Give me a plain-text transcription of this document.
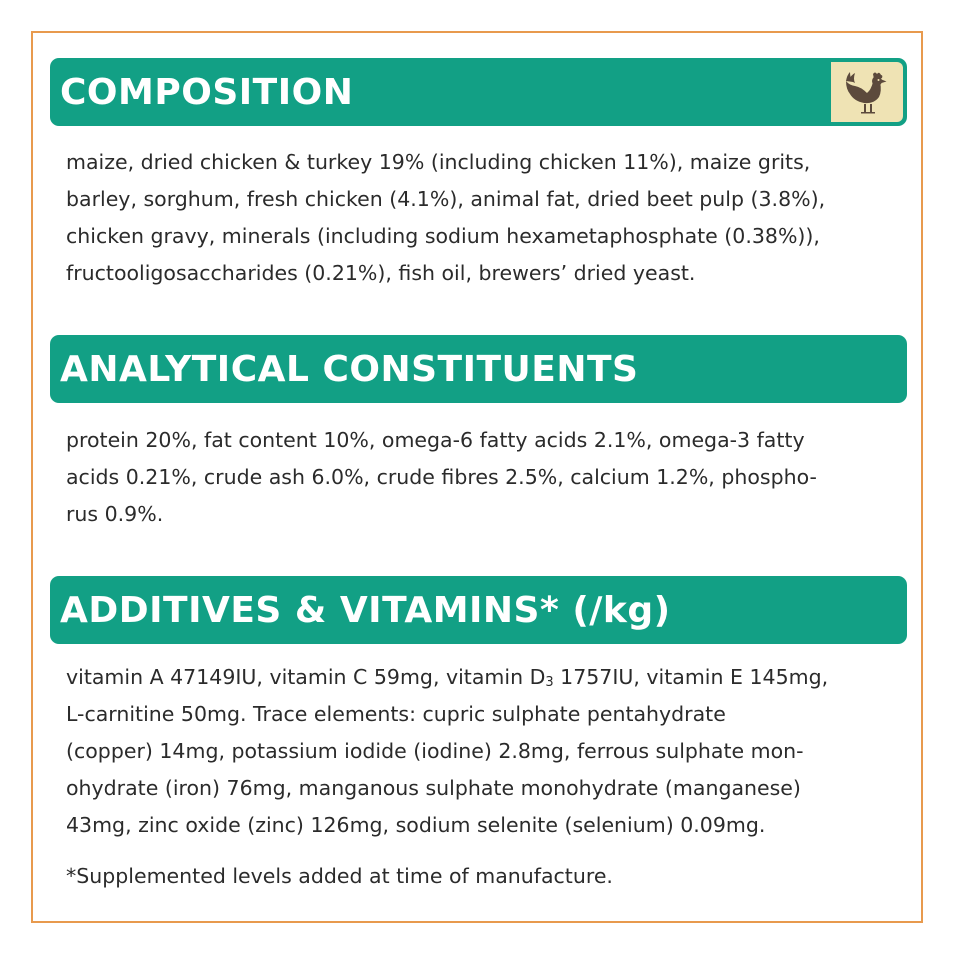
COMPOSITION
maize, dried chicken & turkey 19% (including chicken 11%), maize grits,
barley, sorghum, fresh chicken (4.1%), animal fat, dried beet pulp (3.8%),
chicken gravy, minerals (including sodium hexametaphosphate (0.38%)),
fructooligosaccharides (0.21%), fish oil, brewers’ dried yeast.
ANALYTICAL CONSTITUENTS
protein 20%, fat content 10%, omega-6 fatty acids 2.1%, omega-3 fatty
acids 0.21%, crude ash 6.0%, crude fibres 2.5%, calcium 1.2%, phospho-
rus 0.9%.
ADDITIVES & VITAMINS* (/kg)
vitamin A 47149IU, vitamin C 59mg, vitamin $D_3$ 1757IU, vitamin E 145mg,
L-carnitine 50mg. Trace elements: cupric sulphate pentahydrate
(copper) 14mg, potassium iodide (iodine) 2.8mg, ferrous sulphate mon-
ohydrate (iron) 76mg, manganous sulphate monohydrate (manganese)
43mg, zinc oxide (zinc) 126mg, sodium selenite (selenium) 0.09mg.

*Supplemented levels added at time of manufacture.
